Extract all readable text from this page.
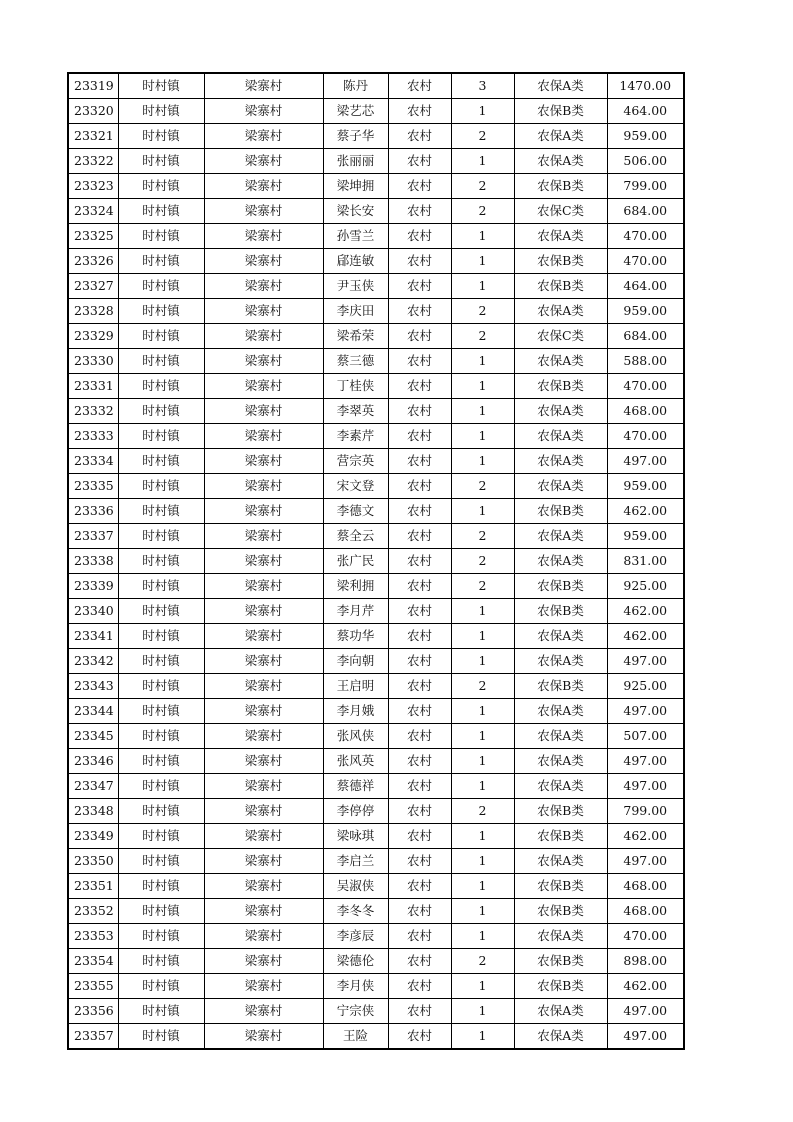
23319	时村镇	梁寨村	陈丹	农村	3	农保A类	1470.00
23320	时村镇	梁寨村	梁艺芯	农村	1	农保B类	464.00
23321	时村镇	梁寨村	蔡子华	农村	2	农保A类	959.00
23322	时村镇	梁寨村	张丽丽	农村	1	农保A类	506.00
23323	时村镇	梁寨村	梁坤拥	农村	2	农保B类	799.00
23324	时村镇	梁寨村	梁长安	农村	2	农保C类	684.00
23325	时村镇	梁寨村	孙雪兰	农村	1	农保A类	470.00
23326	时村镇	梁寨村	郈连敏	农村	1	农保B类	470.00
23327	时村镇	梁寨村	尹玉侠	农村	1	农保B类	464.00
23328	时村镇	梁寨村	李庆田	农村	2	农保A类	959.00
23329	时村镇	梁寨村	梁希荣	农村	2	农保C类	684.00
23330	时村镇	梁寨村	蔡三德	农村	1	农保A类	588.00
23331	时村镇	梁寨村	丁桂侠	农村	1	农保B类	470.00
23332	时村镇	梁寨村	李翠英	农村	1	农保A类	468.00
23333	时村镇	梁寨村	李素芹	农村	1	农保A类	470.00
23334	时村镇	梁寨村	营宗英	农村	1	农保A类	497.00
23335	时村镇	梁寨村	宋文登	农村	2	农保A类	959.00
23336	时村镇	梁寨村	李德文	农村	1	农保B类	462.00
23337	时村镇	梁寨村	蔡全云	农村	2	农保A类	959.00
23338	时村镇	梁寨村	张广民	农村	2	农保A类	831.00
23339	时村镇	梁寨村	梁利拥	农村	2	农保B类	925.00
23340	时村镇	梁寨村	李月芹	农村	1	农保B类	462.00
23341	时村镇	梁寨村	蔡功华	农村	1	农保A类	462.00
23342	时村镇	梁寨村	李向朝	农村	1	农保A类	497.00
23343	时村镇	梁寨村	王启明	农村	2	农保B类	925.00
23344	时村镇	梁寨村	李月娥	农村	1	农保A类	497.00
23345	时村镇	梁寨村	张风侠	农村	1	农保A类	507.00
23346	时村镇	梁寨村	张风英	农村	1	农保A类	497.00
23347	时村镇	梁寨村	蔡德祥	农村	1	农保A类	497.00
23348	时村镇	梁寨村	李停停	农村	2	农保B类	799.00
23349	时村镇	梁寨村	梁咏琪	农村	1	农保B类	462.00
23350	时村镇	梁寨村	李启兰	农村	1	农保A类	497.00
23351	时村镇	梁寨村	吴淑侠	农村	1	农保B类	468.00
23352	时村镇	梁寨村	李冬冬	农村	1	农保B类	468.00
23353	时村镇	梁寨村	李彦辰	农村	1	农保A类	470.00
23354	时村镇	梁寨村	梁德伦	农村	2	农保B类	898.00
23355	时村镇	梁寨村	李月侠	农村	1	农保B类	462.00
23356	时村镇	梁寨村	宁宗侠	农村	1	农保A类	497.00
23357	时村镇	梁寨村	王险	农村	1	农保A类	497.00
